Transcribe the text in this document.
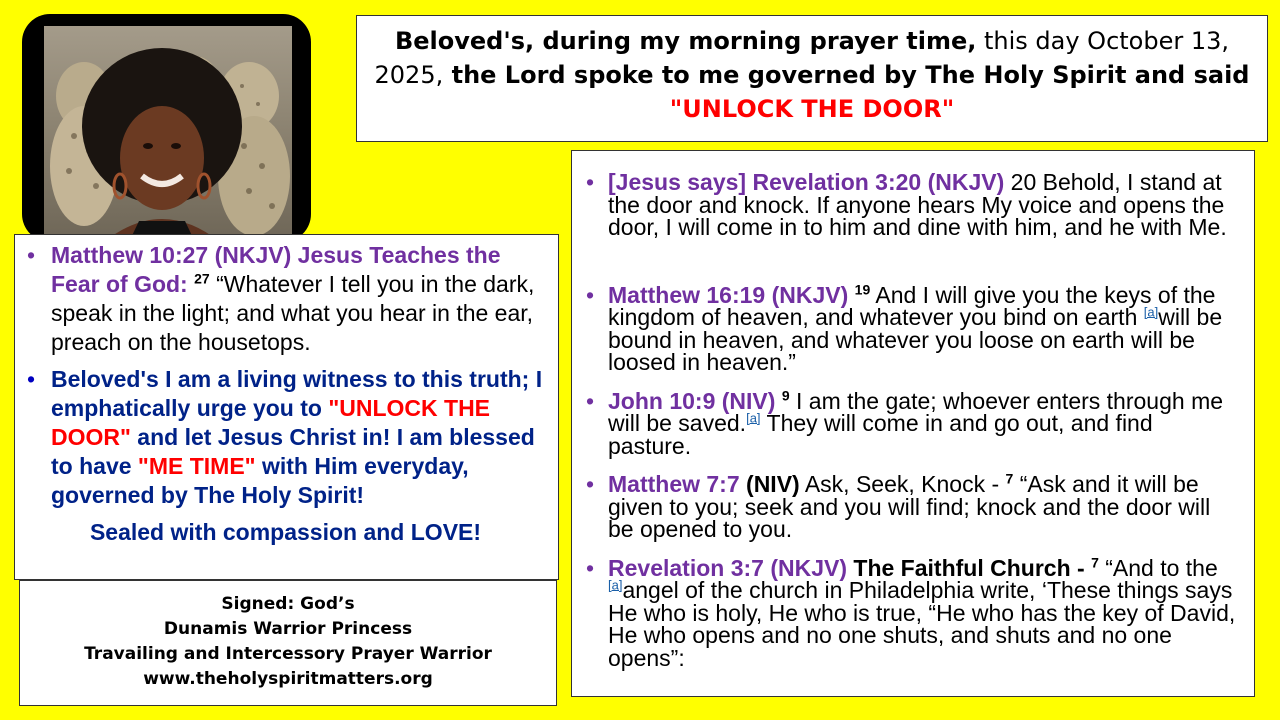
Beloved's, during my morning prayer time, this day October 13, 2025, the Lord spoke to me governed by The Holy Spirit and said
"UNLOCK THE DOOR"
• Matthew 10:27 (NKJV) Jesus Teaches the Fear of God: $^{27}$ “Whatever I tell you in the dark, speak in the light; and what you hear in the ear, preach on the housetops.
• Beloved's I am a living witness to this truth; I emphatically urge you to "UNLOCK THE DOOR" and let Jesus Christ in! I am blessed to have "ME TIME" with Him everyday, governed by The Holy Spirit!
Sealed with compassion and LOVE!
Signed: God’s
Dunamis Warrior Princess
Travailing and Intercessory Prayer Warrior
www.theholyspiritmatters.org
• [Jesus says] Revelation 3:20 (NKJV) 20 Behold, I stand at the door and knock. If anyone hears My voice and opens the door, I will come in to him and dine with him, and he with Me.
• Matthew 16:19 (NKJV) $^{19}$ And I will give you the keys of the kingdom of heaven, and whatever you bind on earth [a]will be bound in heaven, and whatever you loose on earth will be loosed in heaven.”
• John 10:9 (NIV) $^9$ I am the gate; whoever enters through me will be saved.[a] They will come in and go out, and find pasture.
• Matthew 7:7 (NIV) Ask, Seek, Knock - $^7$ “Ask and it will be given to you; seek and you will find; knock and the door will be opened to you.
• Revelation 3:7 (NKJV) The Faithful Church - $^7$ “And to the [a]angel of the church in Philadelphia write, ‘These things says He who is holy, He who is true, “He who has the key of David, He who opens and no one shuts, and shuts and no one opens”:
